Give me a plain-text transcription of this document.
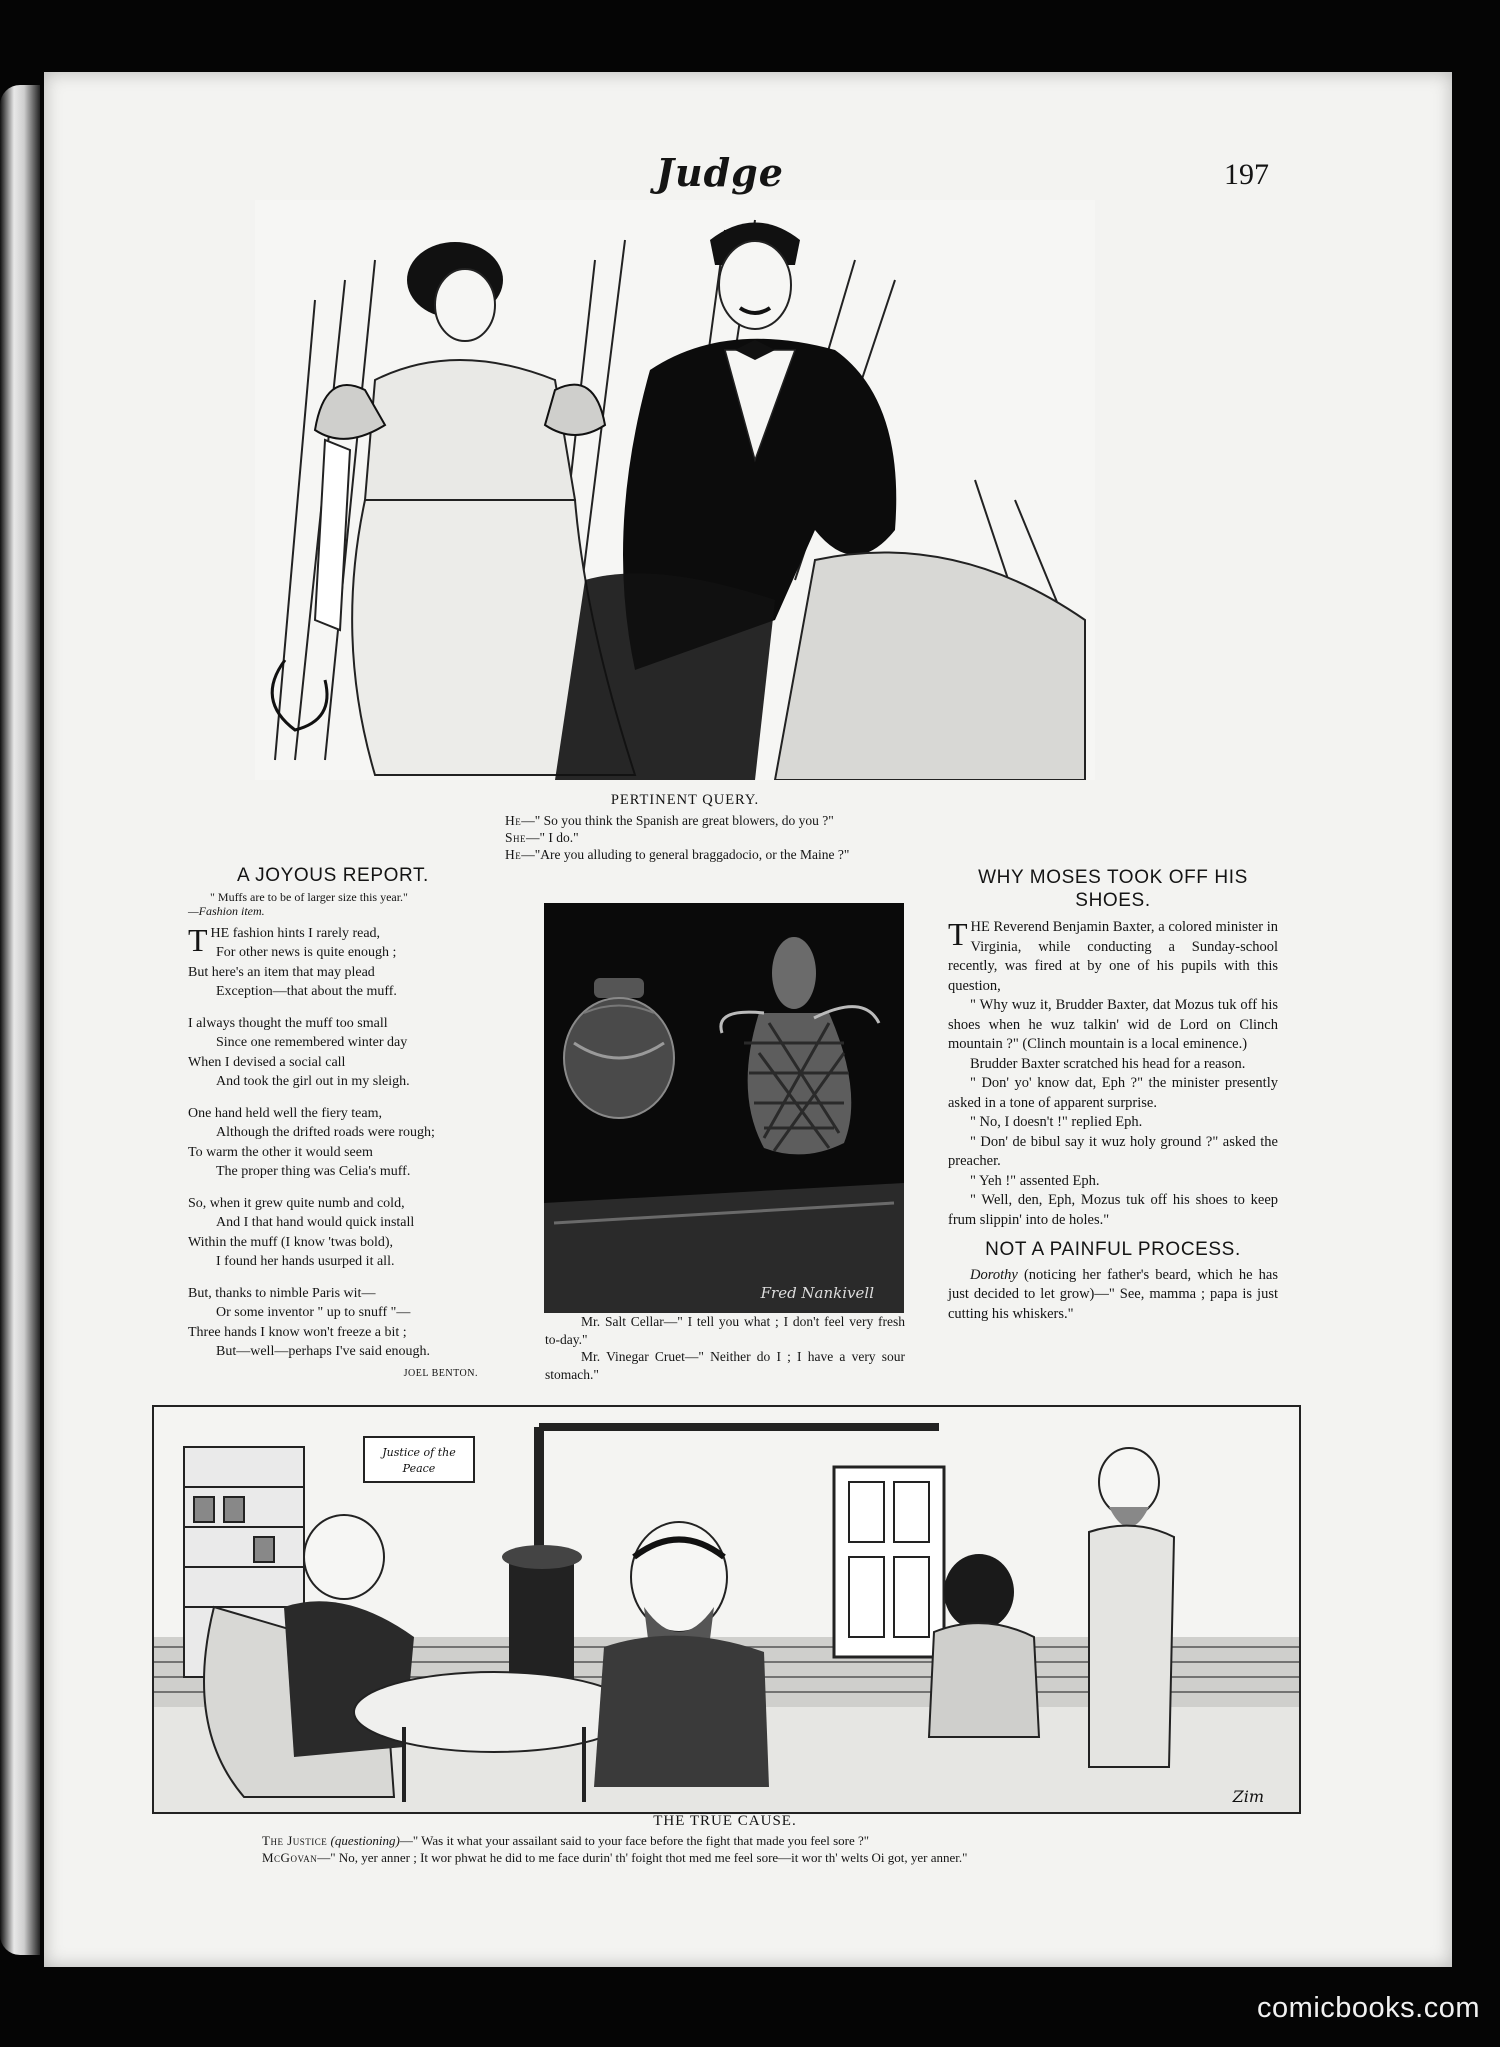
Judge	197
PERTINENT QUERY.
He—" So you think the Spanish are great blowers, do you ?"
She—" I do."
He—"Are you alluding to general braggadocio, or the Maine ?"
A JOYOUS REPORT.
" Muffs are to be of larger size this year."
—Fashion item.
THE fashion hints I rarely read,
For other news is quite enough ;
But here's an item that may plead
Exception—that about the muff.
I always thought the muff too small
Since one remembered winter day
When I devised a social call
And took the girl out in my sleigh.
One hand held well the fiery team,
Although the drifted roads were rough;
To warm the other it would seem
The proper thing was Celia's muff.
So, when it grew quite numb and cold,
And I that hand would quick install
Within the muff (I know 'twas bold),
I found her hands usurped it all.
But, thanks to nimble Paris wit—
Or some inventor " up to snuff "—
Three hands I know won't freeze a bit ;
But—well—perhaps I've said enough.
JOEL BENTON.
Fred Nankivell
Mr. Salt Cellar—" I tell you what ; I don't feel very fresh to-day."
Mr. Vinegar Cruet—" Neither do I ; I have a very sour stomach."
WHY MOSES TOOK OFF HIS SHOES.

THE Reverend Benjamin Baxter, a colored minister in Virginia, while conducting a Sunday-school recently, was fired at by one of his pupils with this question,

" Why wuz it, Brudder Baxter, dat Mozus tuk off his shoes when he wuz talkin' wid de Lord on Clinch mountain ?" (Clinch mountain is a local eminence.)

Brudder Baxter scratched his head for a reason.

" Don' yo' know dat, Eph ?" the minister presently asked in a tone of apparent surprise.

" No, I doesn't !" replied Eph.

" Don' de bibul say it wuz holy ground ?" asked the preacher.

" Yeh !" assented Eph.

" Well, den, Eph, Mozus tuk off his shoes to keep frum slippin' into de holes."

NOT A PAINFUL PROCESS.

Dorothy (noticing her father's beard, which he has just decided to let grow)—" See, mamma ; papa is just cutting his whiskers."

Justice of the
Peace
Zim
THE TRUE CAUSE.
The Justice (questioning)—" Was it what your assailant said to your face before the fight that made you feel sore ?"
McGovan—" No, yer anner ; It wor phwat he did to me face durin' th' foight thot med me feel sore—it wor th' welts Oi got, yer anner."
comicbooks.com
